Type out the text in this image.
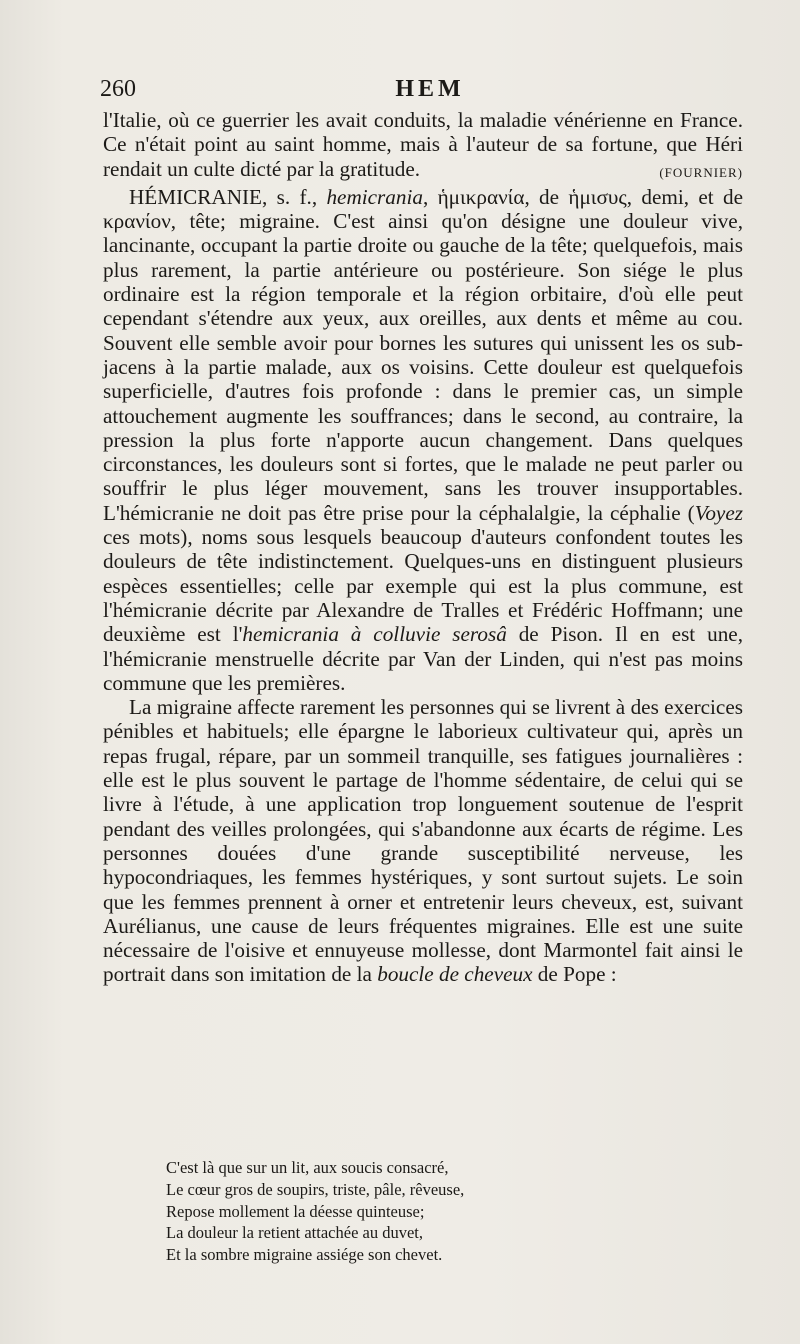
260	HEM

l'Italie, où ce guerrier les avait conduits, la maladie vénérienne en France. Ce n'était point au saint homme, mais à l'auteur de sa fortune, que Héri rendait un culte dicté par la gratitude.	(FOURNIER)

HÉMICRANIE, s. f., hemicrania, ἡμικρανία, de ἡμισυς, demi, et de κρανίον, tête; migraine. C'est ainsi qu'on désigne une douleur vive, lancinante, occupant la partie droite ou gauche de la tête; quelquefois, mais plus rarement, la partie antérieure ou postérieure. Son siége le plus ordinaire est la région temporale et la région orbitaire, d'où elle peut cependant s'étendre aux yeux, aux oreilles, aux dents et même au cou. Souvent elle semble avoir pour bornes les sutures qui unissent les os sub-jacens à la partie malade, aux os voisins. Cette douleur est quelquefois superficielle, d'autres fois profonde : dans le premier cas, un simple attouchement augmente les souffrances; dans le second, au contraire, la pression la plus forte n'apporte aucun changement. Dans quelques circonstances, les douleurs sont si fortes, que le malade ne peut parler ou souffrir le plus léger mouvement, sans les trouver insupportables. L'hémicranie ne doit pas être prise pour la céphalalgie, la céphalie (Voyez ces mots), noms sous lesquels beaucoup d'auteurs confondent toutes les douleurs de tête indistinctement. Quelques-uns en distinguent plusieurs espèces essentielles; celle par exemple qui est la plus commune, est l'hémicranie décrite par Alexandre de Tralles et Frédéric Hoffmann; une deuxième est l'hemicrania à colluvie serosâ de Pison. Il en est une, l'hémicranie menstruelle décrite par Van der Linden, qui n'est pas moins commune que les premières.

La migraine affecte rarement les personnes qui se livrent à des exercices pénibles et habituels; elle épargne le laborieux cultivateur qui, après un repas frugal, répare, par un sommeil tranquille, ses fatigues journalières : elle est le plus souvent le partage de l'homme sédentaire, de celui qui se livre à l'étude, à une application trop longuement soutenue de l'esprit pendant des veilles prolongées, qui s'abandonne aux écarts de régime. Les personnes douées d'une grande susceptibilité nerveuse, les hypocondriaques, les femmes hystériques, y sont surtout sujets. Le soin que les femmes prennent à orner et entretenir leurs cheveux, est, suivant Aurélianus, une cause de leurs fréquentes migraines. Elle est une suite nécessaire de l'oisive et ennuyeuse mollesse, dont Marmontel fait ainsi le portrait dans son imitation de la boucle de cheveux de Pope :

C'est là que sur un lit, aux soucis consacré,
Le cœur gros de soupirs, triste, pâle, rêveuse,
Repose mollement la déesse quinteuse;
La douleur la retient attachée au duvet,
Et la sombre migraine assiége son chevet.
